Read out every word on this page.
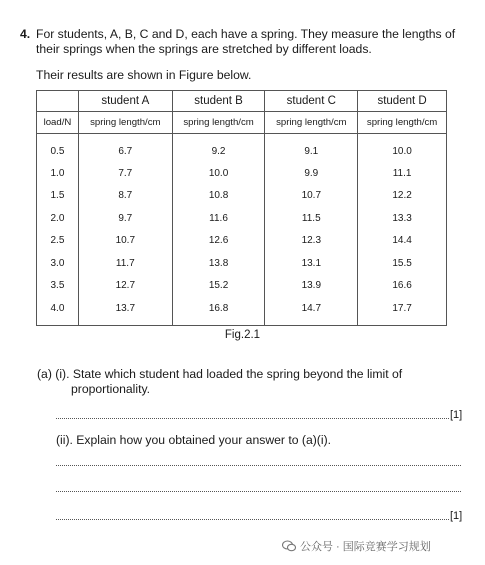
4. For students, A, B, C and D, each have a spring. They measure the lengths of their springs when the springs are stretched by different loads.
Their results are shown in Figure below.
	student A	student B	student C	student D
load/N	spring length/cm	spring length/cm	spring length/cm	spring length/cm
0.5	6.7	9.2	9.1	10.0
1.0	7.7	10.0	9.9	11.1
1.5	8.7	10.8	10.7	12.2
2.0	9.7	11.6	11.5	13.3
2.5	10.7	12.6	12.3	14.4
3.0	11.7	13.8	13.1	15.5
3.5	12.7	15.2	13.9	16.6
4.0	13.7	16.8	14.7	17.7
Fig.2.1
(a) (i). State which student had loaded the spring beyond the limit of
proportionality.
[1]
(ii). Explain how you obtained your answer to (a)(i).
[1]
公众号 · 国际竞赛学习规划
